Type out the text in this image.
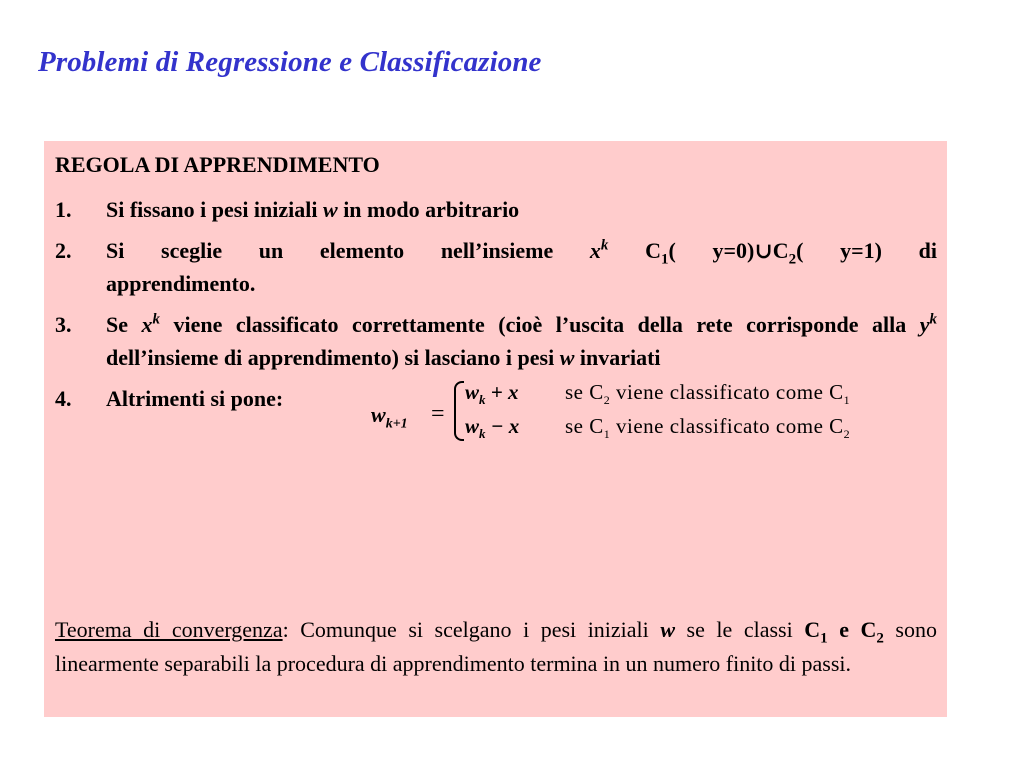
Problemi di Regressione e Classificazione
REGOLA DI APPRENDIMENTO
1.	Si fissano i pesi iniziali w in modo arbitrario
2.	Si sceglie un elemento nell’insieme $x^k$ $C_1$( $y=0)\cup C_2$( y=1) di
apprendimento.
3.	Se $x^k$ viene classificato correttamente (cioè l’uscita della rete corrisponde alla $y^k$ dell’insieme di apprendimento) si lasciano i pesi w invariati
4.	Altrimenti si pone:
$w_{k+1}$ =
$w_k + x$ se $C_2$ viene classificato come $C_1$
$w_k - x$ se $C_1$ viene classificato come $C_2$
Teorema di convergenza: Comunque si scelgano i pesi iniziali w se le classi $C_1$ e $C_2$ sono linearmente separabili la procedura di apprendimento termina in un numero finito di passi.
